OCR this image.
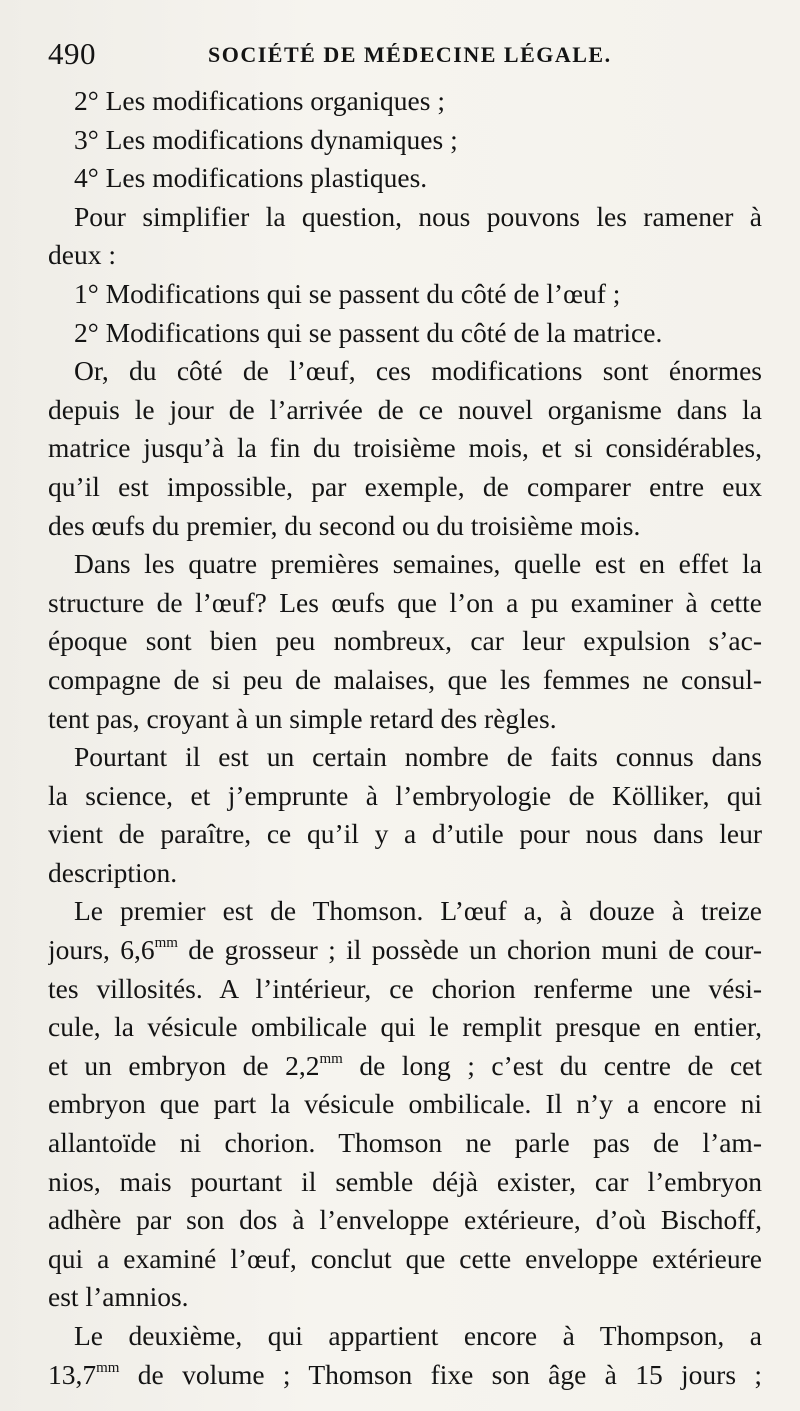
490	SOCIÉTÉ DE MÉDECINE LÉGALE.
2° Les modifications organiques ;
3° Les modifications dynamiques ;
4° Les modifications plastiques.
Pour simplifier la question, nous pouvons les ramener à
deux :
1° Modifications qui se passent du côté de l’œuf ;
2° Modifications qui se passent du côté de la matrice.
Or, du côté de l’œuf, ces modifications sont énormes
depuis le jour de l’arrivée de ce nouvel organisme dans la
matrice jusqu’à la fin du troisième mois, et si considérables,
qu’il est impossible, par exemple, de comparer entre eux
des œufs du premier, du second ou du troisième mois.
Dans les quatre premières semaines, quelle est en effet la
structure de l’œuf? Les œufs que l’on a pu examiner à cette
époque sont bien peu nombreux, car leur expulsion s’ac-
compagne de si peu de malaises, que les femmes ne consul-
tent pas, croyant à un simple retard des règles.
Pourtant il est un certain nombre de faits connus dans
la science, et j’emprunte à l’embryologie de Kölliker, qui
vient de paraître, ce qu’il y a d’utile pour nous dans leur
description.
Le premier est de Thomson. L’œuf a, à douze à treize
jours, $6,6^{mm}$ de grosseur ; il possède un chorion muni de cour-
tes villosités. A l’intérieur, ce chorion renferme une vési-
cule, la vésicule ombilicale qui le remplit presque en entier,
et un embryon de $2,2^{mm}$ de long ; c’est du centre de cet
embryon que part la vésicule ombilicale. Il n’y a encore ni
allantoïde ni chorion. Thomson ne parle pas de l’am-
nios, mais pourtant il semble déjà exister, car l’embryon
adhère par son dos à l’enveloppe extérieure, d’où Bischoff,
qui a examiné l’œuf, conclut que cette enveloppe extérieure
est l’amnios.
Le deuxième, qui appartient encore à Thompson, a
$13,7^{mm}$ de volume ; Thomson fixe son âge à 15 jours ;
